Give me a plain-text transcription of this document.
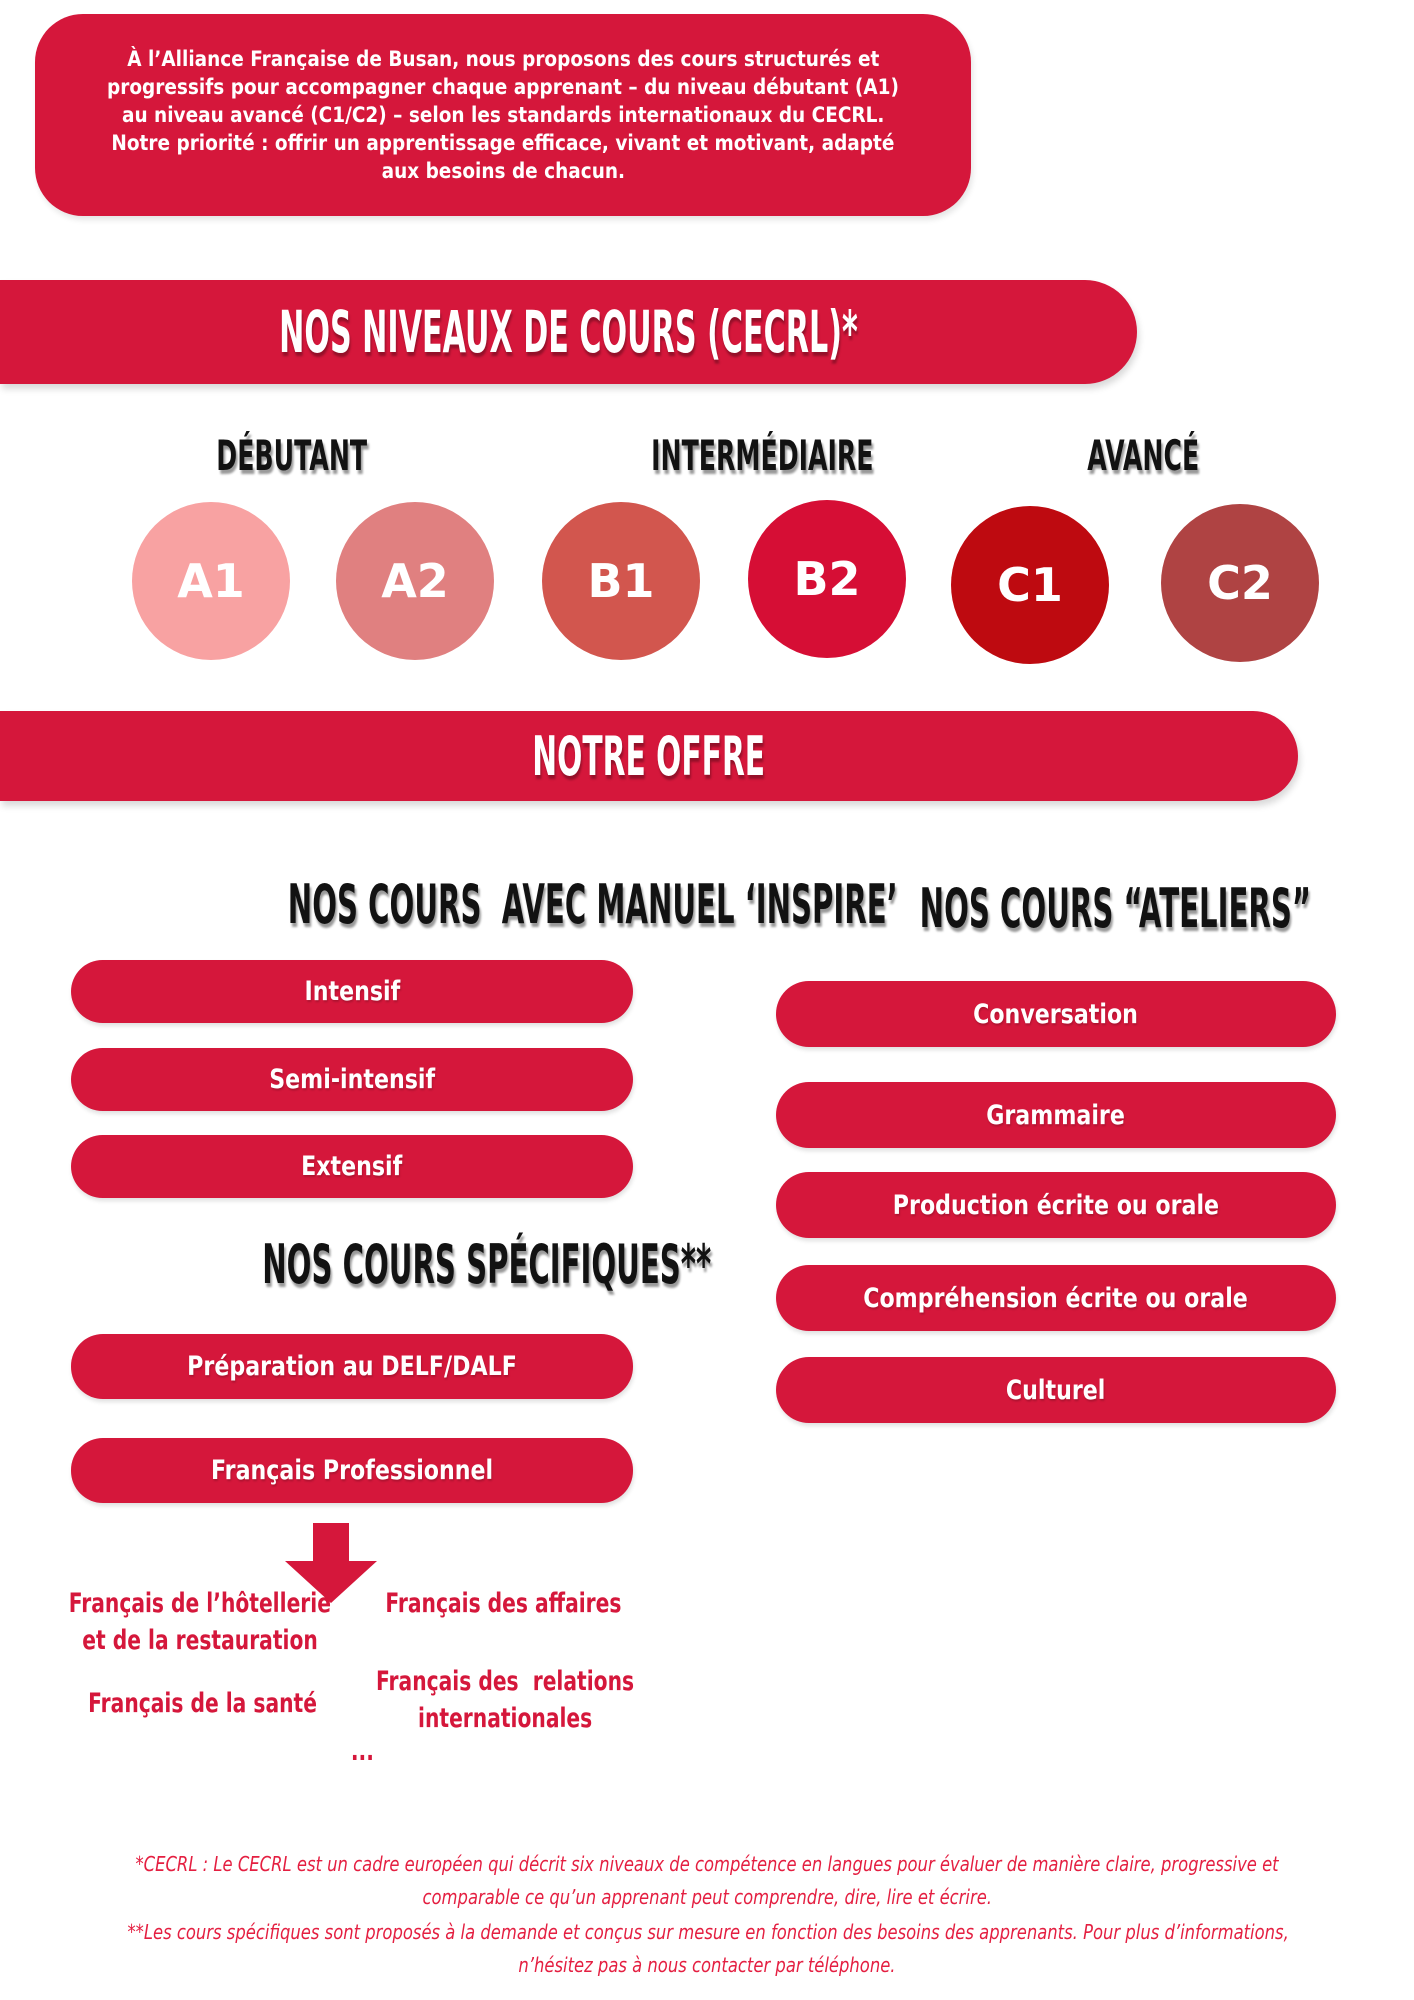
À l’Alliance Française de Busan, nous proposons des cours structurés et
progressifs pour accompagner chaque apprenant – du niveau débutant (A1)
au niveau avancé (C1/C2) – selon les standards internationaux du CECRL.
Notre priorité : offrir un apprentissage efficace, vivant et motivant, adapté
aux besoins de chacun.
NOS NIVEAUX DE COURS (CECRL)*
DÉBUTANT	INTERMÉDIAIRE	AVANCÉ
A1	A2	B1	B2	C1	C2
NOTRE OFFRE
NOS COURS  AVEC MANUEL ‘INSPIRE’
Intensif
Semi-intensif
Extensif
NOS COURS “ATELIERS”
Conversation
Grammaire
Production écrite ou orale
Compréhension écrite ou orale
Culturel
NOS COURS SPÉCIFIQUES**
Préparation au DELF/DALF
Français Professionnel
Français de l’hôtellerie
et de la restauration
Français des affaires
Français de la santé
Français des  relations
internationales
...
*CECRL : Le CECRL est un cadre européen qui décrit six niveaux de compétence en langues pour évaluer de manière claire, progressive et
comparable ce qu’un apprenant peut comprendre, dire, lire et écrire.
**Les cours spécifiques sont proposés à la demande et conçus sur mesure en fonction des besoins des apprenants. Pour plus d’informations,
n’hésitez pas à nous contacter par téléphone.
